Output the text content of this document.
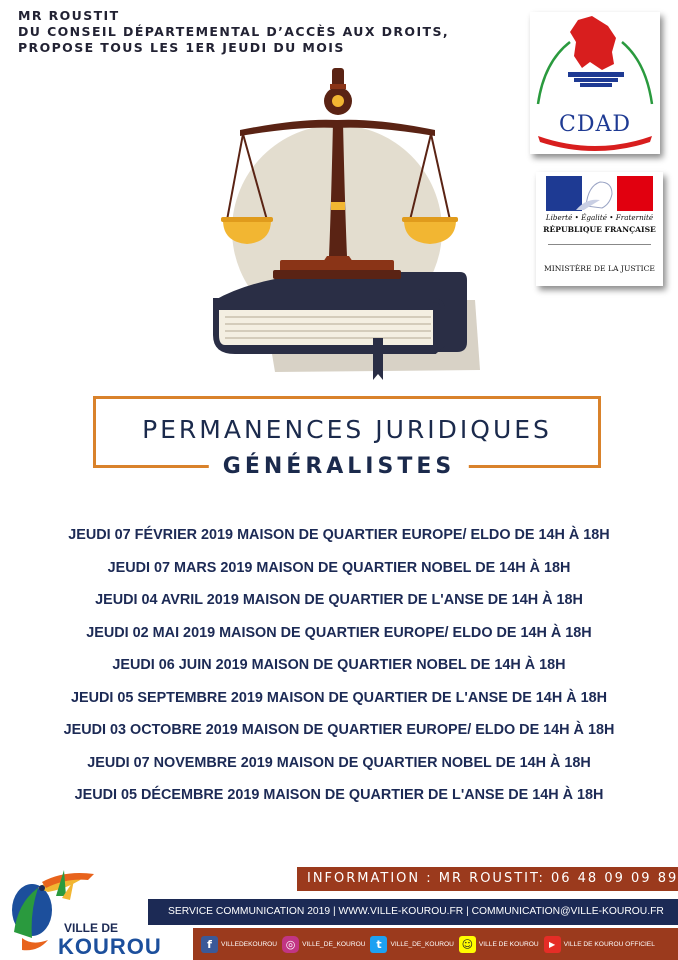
MR ROUSTIT
DU CONSEIL DÉPARTEMENTAL D’ACCÈS AUX DROITS,
PROPOSE TOUS LES 1ER JEUDI DU MOIS
CDAD
Liberté • Égalité • Fraternité
RÉPUBLIQUE FRANÇAISE
MINISTÈRE DE LA JUSTICE
PERMANENCES JURIDIQUES
GÉNÉRALISTES
JEUDI 07 FÉVRIER 2019 MAISON DE QUARTIER EUROPE/ ELDO DE 14H À 18H
JEUDI 07 MARS 2019 MAISON DE QUARTIER NOBEL DE 14H À 18H
JEUDI 04 AVRIL 2019 MAISON DE QUARTIER DE L'ANSE DE 14H À 18H
JEUDI 02 MAI 2019 MAISON DE QUARTIER EUROPE/ ELDO DE 14H À 18H
JEUDI 06 JUIN 2019 MAISON DE QUARTIER NOBEL DE 14H À 18H
JEUDI 05 SEPTEMBRE 2019 MAISON DE QUARTIER DE L'ANSE DE 14H À 18H
JEUDI 03 OCTOBRE 2019 MAISON DE QUARTIER EUROPE/ ELDO DE 14H À 18H
JEUDI 07 NOVEMBRE 2019 MAISON DE QUARTIER NOBEL DE 14H À 18H
JEUDI 05 DÉCEMBRE 2019 MAISON DE QUARTIER DE L'ANSE DE 14H À 18H
INFORMATION : MR ROUSTIT: 06 48 09 09 89
SERVICE COMMUNICATION 2019 | WWW.VILLE-KOUROU.FR | COMMUNICATION@VILLE-KOUROU.FR
f	VILLEDEKOUROU ◎	VILLE_DE_KOUROU t	VILLE_DE_KOUROU ☺ VILLE DE KOUROU	▶	VILLE DE KOUROU OFFICIEL
VILLE DE
KOUROU
